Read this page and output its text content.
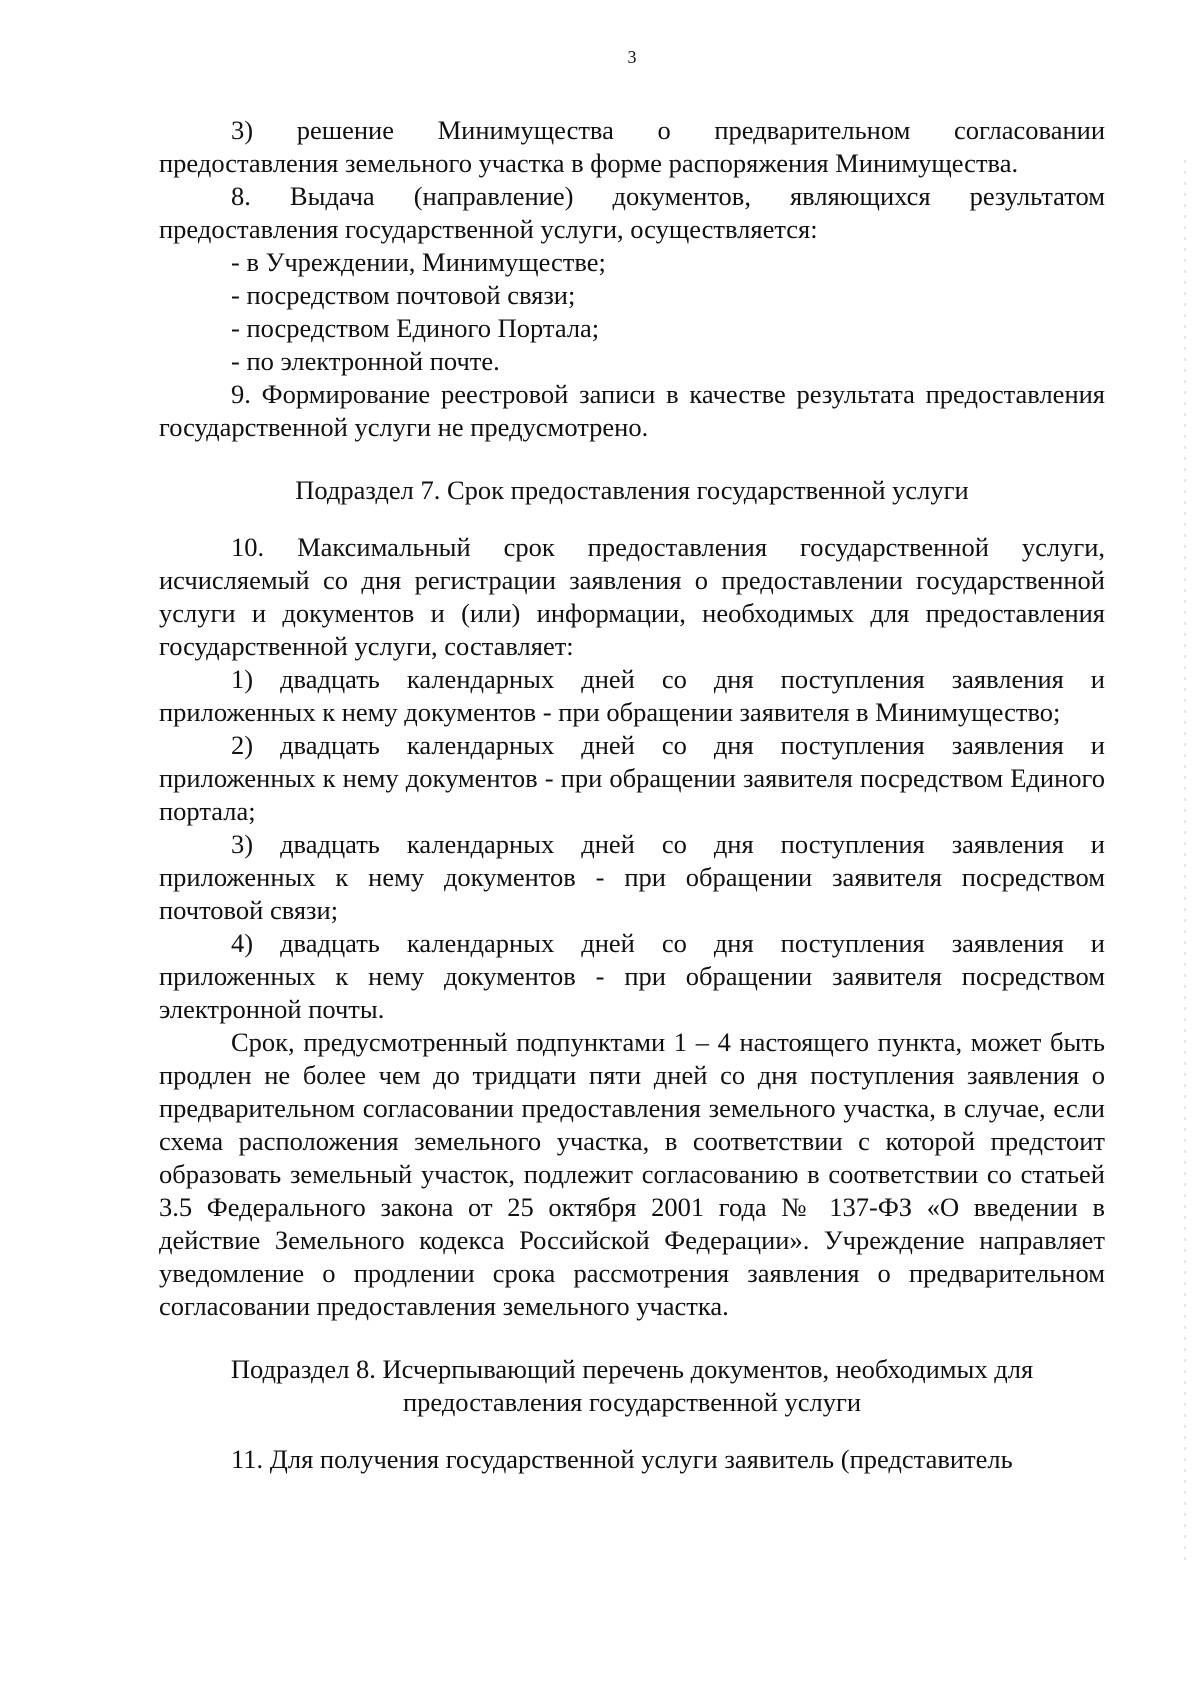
3

3) решение Минимущества о предварительном согласовании предоставления земельного участка в форме распоряжения Минимущества.

8. Выдача (направление) документов, являющихся результатом предоставления государственной услуги, осуществляется:

- в Учреждении, Минимуществе;

- посредством почтовой связи;

- посредством Единого Портала;

- по электронной почте.

9. Формирование реестровой записи в качестве результата предоставления государственной услуги не предусмотрено.

Подраздел 7. Срок предоставления государственной услуги

10. Максимальный срок предоставления государственной услуги, исчисляемый со дня регистрации заявления о предоставлении государственной услуги и документов и (или) информации, необходимых для предоставления государственной услуги, составляет:

1) двадцать календарных дней со дня поступления заявления и приложенных к нему документов - при обращении заявителя в Минимущество;

2) двадцать календарных дней со дня поступления заявления и приложенных к нему документов - при обращении заявителя посредством Единого портала;

3) двадцать календарных дней со дня поступления заявления и приложенных к нему документов - при обращении заявителя посредством почтовой связи;

4) двадцать календарных дней со дня поступления заявления и приложенных к нему документов - при обращении заявителя посредством электронной почты.

Срок, предусмотренный подпунктами 1 – 4 настоящего пункта, может быть продлен не более чем до тридцати пяти дней со дня поступления заявления о предварительном согласовании предоставления земельного участка, в случае, если схема расположения земельного участка, в соответствии с которой предстоит образовать земельный участок, подлежит согласованию в соответствии со статьей 3.5 Федерального закона от 25 октября 2001 года № 137-ФЗ «О введении в действие Земельного кодекса Российской Федерации». Учреждение направляет уведомление о продлении срока рассмотрения заявления о предварительном согласовании предоставления земельного участка.

Подраздел 8. Исчерпывающий перечень документов, необходимых для предоставления государственной услуги

11. Для получения государственной услуги заявитель (представитель
